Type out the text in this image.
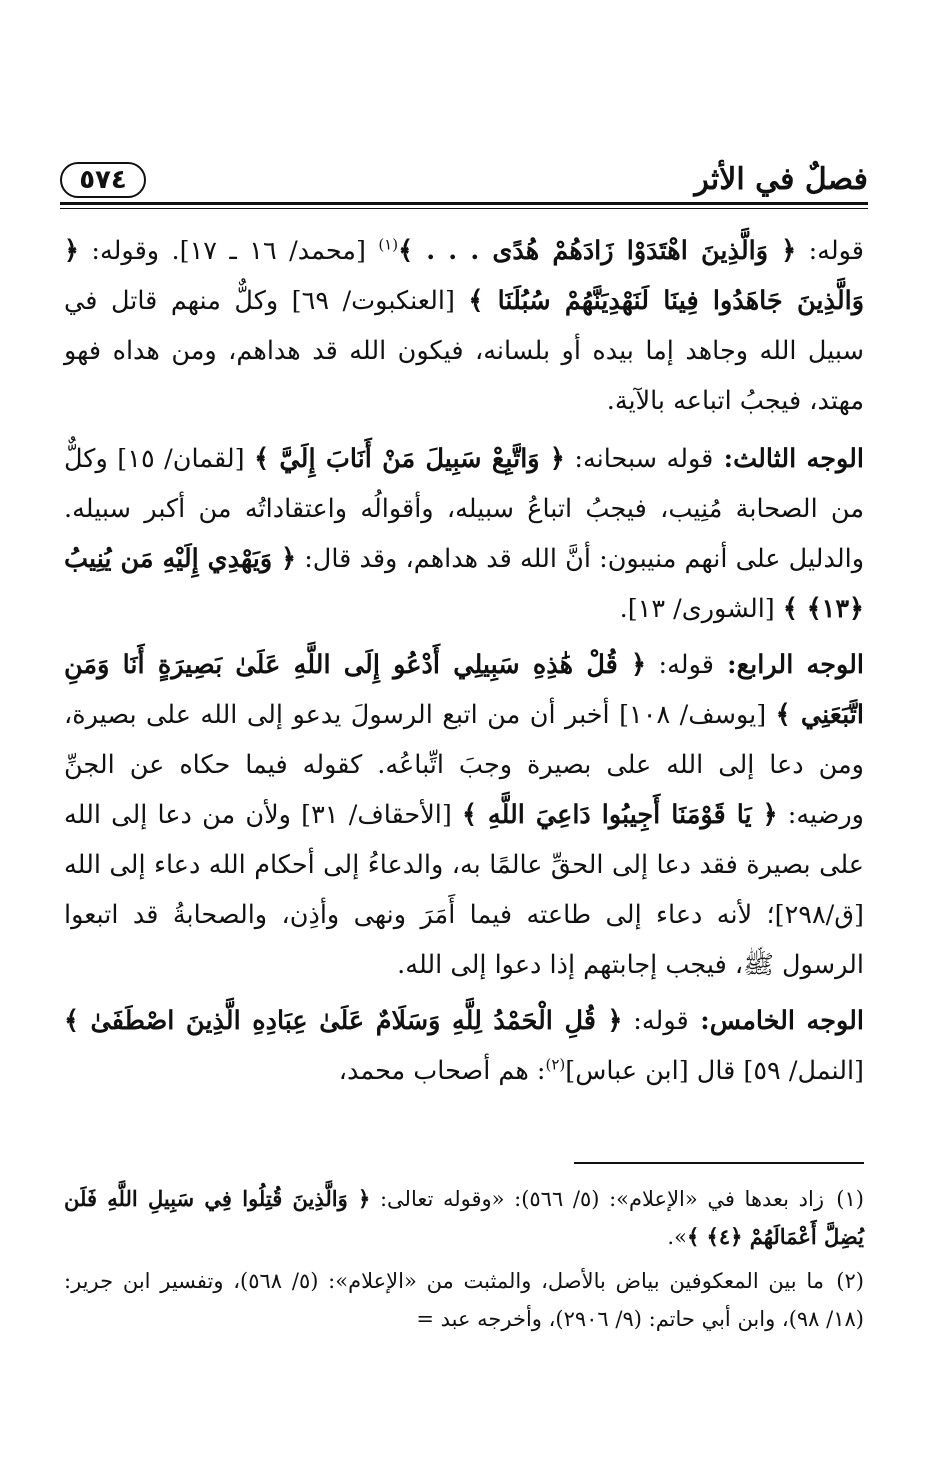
٥٧٤	فصلٌ في الأثر

قوله: ﴿ وَالَّذِينَ اهْتَدَوْا زَادَهُمْ هُدًى . . . ﴾$^{(١)}$ [محمد/ ١٦ ـ ١٧]. وقوله: ﴿ وَالَّذِينَ جَاهَدُوا فِينَا لَنَهْدِيَنَّهُمْ سُبُلَنَا ﴾ [العنكبوت/ ٦٩] وكلٌّ منهم قاتل في سبيل الله وجاهد إما بيده أو بلسانه، فيكون الله قد هداهم، ومن هداه فهو مهتد، فيجبُ اتباعه بالآية.

الوجه الثالث: قوله سبحانه: ﴿ وَاتَّبِعْ سَبِيلَ مَنْ أَنَابَ إِلَيَّ ﴾ [لقمان/ ١٥] وكلٌّ من الصحابة مُنِيب، فيجبُ اتباعُ سبيله، وأقوالُه واعتقاداتُه من أكبر سبيله. والدليل على أنهم منيبون: أنَّ الله قد هداهم، وقد قال: ﴿ وَيَهْدِي إِلَيْهِ مَن يُنِيبُ ﴿١٣﴾ ﴾ [الشورى/ ١٣].

الوجه الرابع: قوله: ﴿ قُلْ هَٰذِهِ سَبِيلِي أَدْعُو إِلَى اللَّهِ عَلَىٰ بَصِيرَةٍ أَنَا وَمَنِ اتَّبَعَنِي ﴾ [يوسف/ ١٠٨] أخبر أن من اتبع الرسولَ يدعو إلى الله على بصيرة، ومن دعا إلى الله على بصيرة وجبَ اتِّباعُه. كقوله فيما حكاه عن الجنِّ ورضيه: ﴿ يَا قَوْمَنَا أَجِيبُوا دَاعِيَ اللَّهِ ﴾ [الأحقاف/ ٣١] ولأن من دعا إلى الله على بصيرة فقد دعا إلى الحقِّ عالمًا به، والدعاءُ إلى أحكام الله دعاء إلى الله [ق/٢٩٨]؛ لأنه دعاء إلى طاعته فيما أَمَرَ ونهى وأذِن، والصحابةُ قد اتبعوا الرسول ﷺ، فيجب إجابتهم إذا دعوا إلى الله.

الوجه الخامس: قوله: ﴿ قُلِ الْحَمْدُ لِلَّهِ وَسَلَامٌ عَلَىٰ عِبَادِهِ الَّذِينَ اصْطَفَىٰ ﴾ [النمل/ ٥٩] قال [ابن عباس]$^{(٢)}$: هم أصحاب محمد،

(١)زاد بعدها في «الإعلام»: (٥/ ٥٦٦): «وقوله تعالى: ﴿ وَالَّذِينَ قُتِلُوا فِي سَبِيلِ اللَّهِ فَلَن يُضِلَّ أَعْمَالَهُمْ ﴿٤﴾ ﴾».

(٢)ما بين المعكوفين بياض بالأصل، والمثبت من «الإعلام»: (٥/ ٥٦٨)، وتفسير ابن جرير: (١٨/ ٩٨)، وابن أبي حاتم: (٩/ ٢٩٠٦)، وأخرجه عبد =
